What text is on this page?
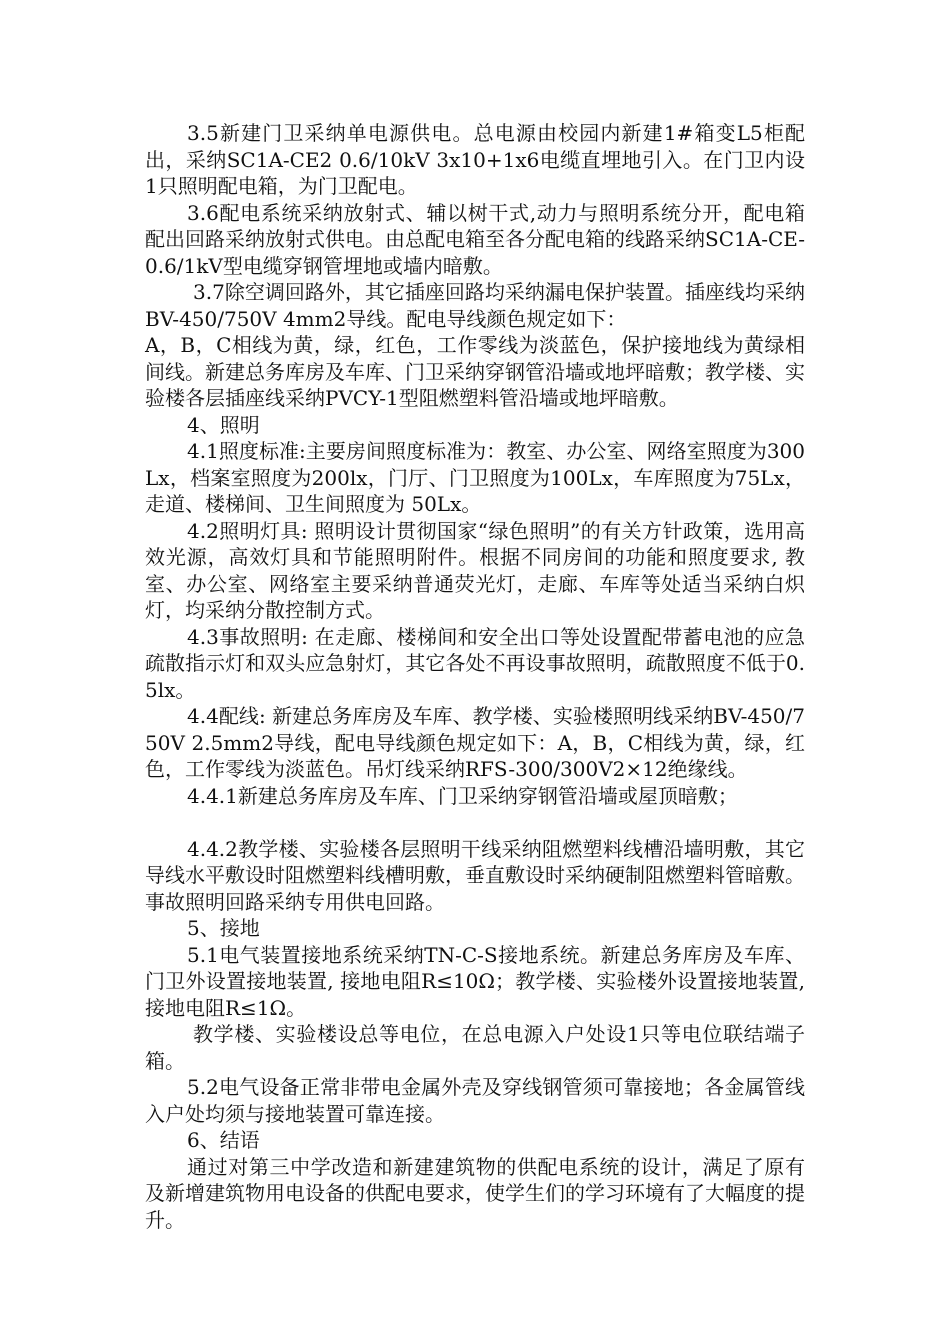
3.5新建门卫采纳单电源供电。总电源由校园内新建1#箱变L5柜配出，采纳SC1A-CE2 0.6/10kV 3x10+1x6电缆直埋地引入。在门卫内设1只照明配电箱，为门卫配电。

3.6配电系统采纳放射式、辅以树干式,动力与照明系统分开，配电箱配出回路采纳放射式供电。由总配电箱至各分配电箱的线路采纳SC1A-CE-0.6/1kV型电缆穿钢管埋地或墙内暗敷。

3.7除空调回路外，其它插座回路均采纳漏电保护装置。插座线均采纳BV-450/750V 4mm2导线。配电导线颜色规定如下：

A，B，C相线为黄，绿，红色，工作零线为淡蓝色，保护接地线为黄绿相间线。新建总务库房及车库、门卫采纳穿钢管沿墙或地坪暗敷；教学楼、实验楼各层插座线采纳PVCY-1型阻燃塑料管沿墙或地坪暗敷。

4、照明

4.1照度标准:主要房间照度标准为：教室、办公室、网络室照度为300Lx，档案室照度为200lx，门厅、门卫照度为100Lx，车库照度为75Lx，走道、楼梯间、卫生间照度为 50Lx。

4.2照明灯具: 照明设计贯彻国家“绿色照明”的有关方针政策，选用高效光源，高效灯具和节能照明附件。根据不同房间的功能和照度要求, 教室、办公室、网络室主要采纳普通荧光灯，走廊、车库等处适当采纳白炽灯，均采纳分散控制方式。

4.3事故照明: 在走廊、楼梯间和安全出口等处设置配带蓄电池的应急疏散指示灯和双头应急射灯，其它各处不再设事故照明，疏散照度不低于0.5lx。

4.4配线: 新建总务库房及车库、教学楼、实验楼照明线采纳BV-450/750V 2.5mm2导线，配电导线颜色规定如下：A，B，C相线为黄，绿，红色，工作零线为淡蓝色。吊灯线采纳RFS-300/300V2×12绝缘线。

4.4.1新建总务库房及车库、门卫采纳穿钢管沿墙或屋顶暗敷；

4.4.2教学楼、实验楼各层照明干线采纳阻燃塑料线槽沿墙明敷，其它导线水平敷设时阻燃塑料线槽明敷，垂直敷设时采纳硬制阻燃塑料管暗敷。事故照明回路采纳专用供电回路。

5、接地

5.1电气装置接地系统采纳TN-C-S接地系统。新建总务库房及车库、门卫外设置接地装置, 接地电阻R≤10Ω；教学楼、实验楼外设置接地装置, 接地电阻R≤1Ω。

教学楼、实验楼设总等电位，在总电源入户处设1只等电位联结端子箱。

5.2电气设备正常非带电金属外壳及穿线钢管须可靠接地；各金属管线入户处均须与接地装置可靠连接。

6、结语

通过对第三中学改造和新建建筑物的供配电系统的设计，满足了原有及新增建筑物用电设备的供配电要求，使学生们的学习环境有了大幅度的提升。
